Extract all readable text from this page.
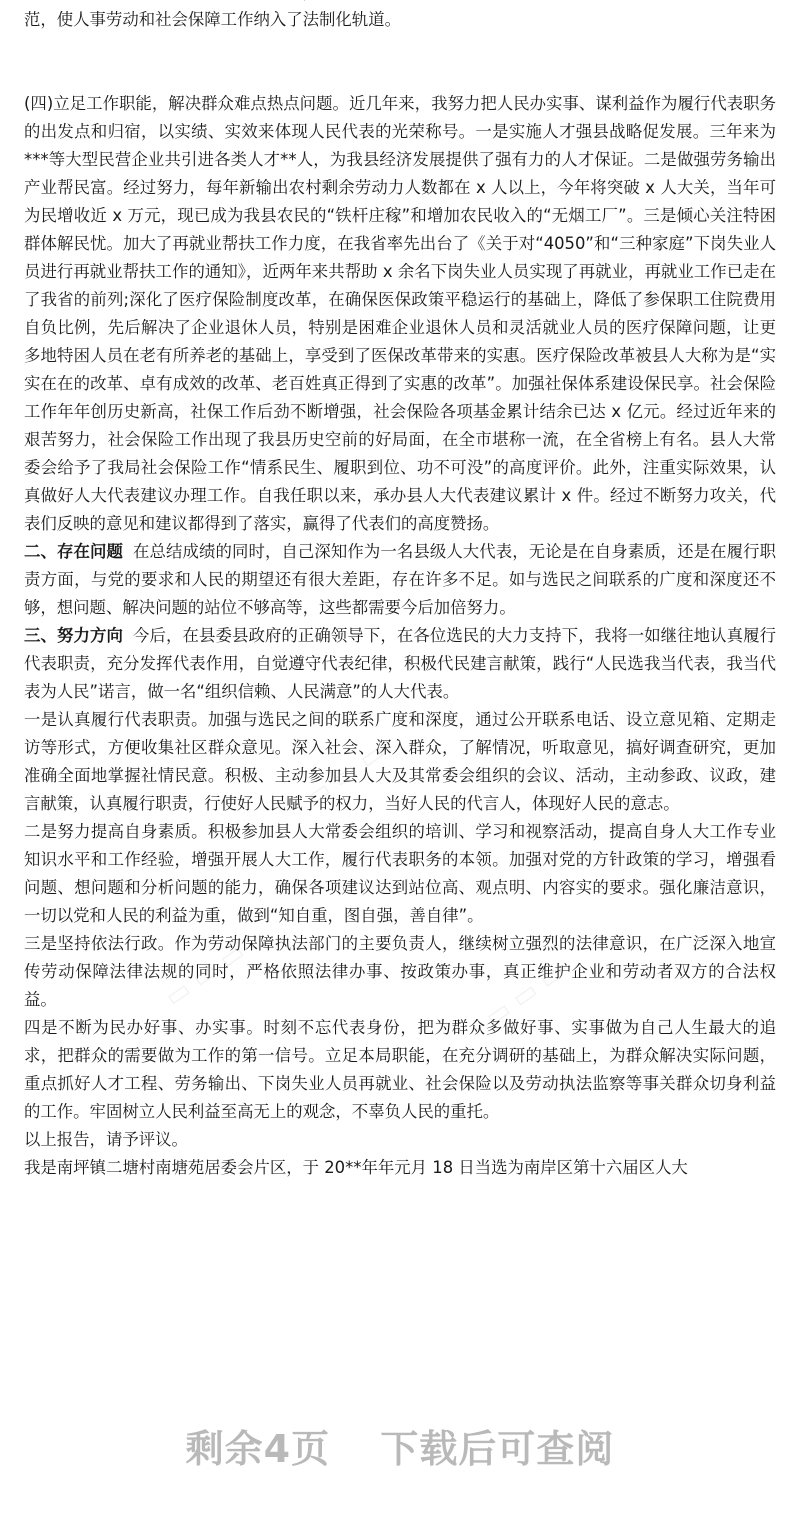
范，使人事劳动和社会保障工作纳入了法制化轨道。

(四)立足工作职能，解决群众难点热点问题。近几年来，我努力把人民办实事、谋利益作为履行代表职务的出发点和归宿，以实绩、实效来体现人民代表的光荣称号。一是实施人才强县战略促发展。三年来为***等大型民营企业共引进各类人才**人，为我县经济发展提供了强有力的人才保证。二是做强劳务输出产业帮民富。经过努力，每年新输出农村剩余劳动力人数都在 x 人以上，今年将突破 x 人大关，当年可为民增收近 x 万元，现已成为我县农民的“铁杆庄稼”和增加农民收入的“无烟工厂”。三是倾心关注特困群体解民忧。加大了再就业帮扶工作力度，在我省率先出台了《关于对“4050”和“三种家庭”下岗失业人员进行再就业帮扶工作的通知》，近两年来共帮助 x 余名下岗失业人员实现了再就业，再就业工作已走在了我省的前列;深化了医疗保险制度改革，在确保医保政策平稳运行的基础上，降低了参保职工住院费用自负比例，先后解决了企业退休人员，特别是困难企业退休人员和灵活就业人员的医疗保障问题，让更多地特困人员在老有所养老的基础上，享受到了医保改革带来的实惠。医疗保险改革被县人大称为是“实实在在的改革、卓有成效的改革、老百姓真正得到了实惠的改革”。加强社保体系建设保民享。社会保险工作年年创历史新高，社保工作后劲不断增强，社会保险各项基金累计结余已达 x 亿元。经过近年来的艰苦努力，社会保险工作出现了我县历史空前的好局面，在全市堪称一流，在全省榜上有名。县人大常委会给予了我局社会保险工作“情系民生、履职到位、功不可没”的高度评价。此外，注重实际效果，认真做好人大代表建议办理工作。自我任职以来，承办县人大代表建议累计 x 件。经过不断努力攻关，代表们反映的意见和建议都得到了落实，赢得了代表们的高度赞扬。

二、存在问题 在总结成绩的同时，自己深知作为一名县级人大代表，无论是在自身素质，还是在履行职责方面，与党的要求和人民的期望还有很大差距，存在许多不足。如与选民之间联系的广度和深度还不够，想问题、解决问题的站位不够高等，这些都需要今后加倍努力。

三、努力方向 今后，在县委县政府的正确领导下，在各位选民的大力支持下，我将一如继往地认真履行代表职责，充分发挥代表作用，自觉遵守代表纪律，积极代民建言献策，践行“人民选我当代表，我当代表为人民”诺言，做一名“组织信赖、人民满意”的人大代表。

一是认真履行代表职责。加强与选民之间的联系广度和深度，通过公开联系电话、设立意见箱、定期走访等形式，方便收集社区群众意见。深入社会、深入群众，了解情况，听取意见，搞好调查研究，更加准确全面地掌握社情民意。积极、主动参加县人大及其常委会组织的会议、活动，主动参政、议政，建言献策，认真履行职责，行使好人民赋予的权力，当好人民的代言人，体现好人民的意志。

二是努力提高自身素质。积极参加县人大常委会组织的培训、学习和视察活动，提高自身人大工作专业知识水平和工作经验，增强开展人大工作，履行代表职务的本领。加强对党的方针政策的学习，增强看问题、想问题和分析问题的能力，确保各项建议达到站位高、观点明、内容实的要求。强化廉洁意识，一切以党和人民的利益为重，做到“知自重，图自强，善自律”。

三是坚持依法行政。作为劳动保障执法部门的主要负责人，继续树立强烈的法律意识，在广泛深入地宣传劳动保障法律法规的同时，严格依照法律办事、按政策办事，真正维护企业和劳动者双方的合法权益。

四是不断为民办好事、办实事。时刻不忘代表身份，把为群众多做好事、实事做为自己人生最大的追求，把群众的需要做为工作的第一信号。立足本局职能，在充分调研的基础上，为群众解决实际问题，重点抓好人才工程、劳务输出、下岗失业人员再就业、社会保险以及劳动执法监察等事关群众切身利益的工作。牢固树立人民利益至高无上的观念，不辜负人民的重托。

以上报告，请予评议。

我是南坪镇二塘村南塘苑居委会片区，于 20**年年元月 18 日当选为南岸区第十六届区人大

▭ ▭ ▭
▭ ▭ ▭	▭ ▭ ▭
剩余4页 下载后可查阅
